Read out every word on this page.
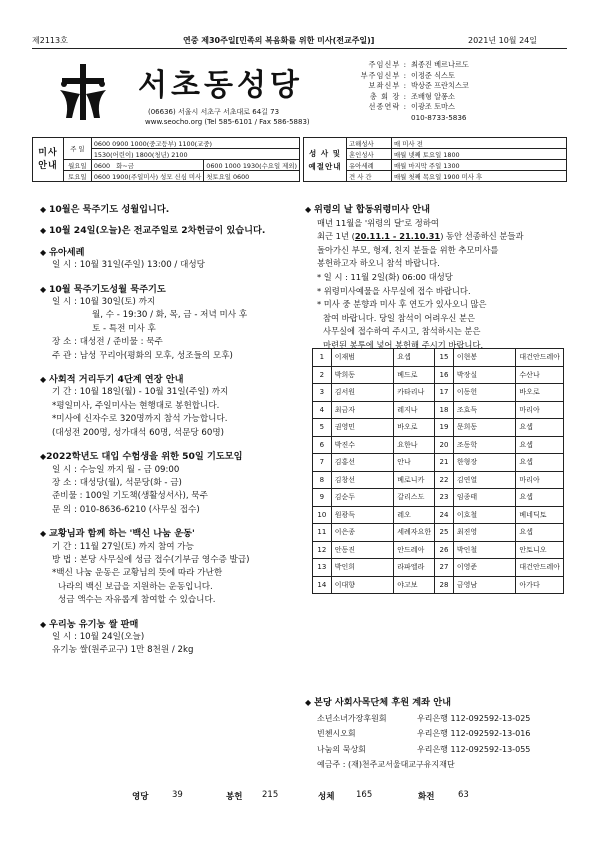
제2113호	연중 제30주일[민족의 복음화를 위한 미사(전교주일)]	2021년 10월 24일
서초동성당
(06636) 서울시 서초구 서초대로 64길 73
www.seocho.org (Tel 585-6101 / Fax 586-5883)
주임신부 : 최종진 베르나르도
부주임신부 : 이정준 식스토
보좌신부 : 박상준 프란치스코
총 회 장 : 조배형 알퐁소
선종연락 : 이광조 토마스
010-8733-5836
미사 안내	주 일	0600 0900 1000(중고등부) 1100(교중)	
		1530(어린이) 1800(청년) 2100	
	월요일	0600 화~금	0600 1000 1930(수요일 제외)
	토요일	0600 1900(주일미사) 성모 신심 미사	첫토요일 0600
성 사 및 예절안내	고해성사	매 미사 전
	혼인성사	매월 넷째 토요일 1800
	유아세례	매월 마지막 주일 1300
	견 사 간	매월 첫째 목요일 1900 미사 후
◆ 10월은 묵주기도 성월입니다.
◆ 10월 24일(오늘)은 전교주일로 2차헌금이 있습니다.
◆ 유아세례
일 시 : 10월 31일(주일) 13:00 / 대성당
◆ 10월 묵주기도성월 묵주기도
일 시 : 10월 30일(토) 까지
월, 수 - 19:30 / 화, 목, 금 - 저녁 미사 후
토 - 특전 미사 후
장 소 : 대성전 / 준비물 : 묵주
주 관 : 남성 꾸리아(평화의 모후, 성조들의 모후)
◆ 사회적 거리두기 4단계 연장 안내
기 간 : 10월 18일(월) - 10월 31일(주일) 까지
*평일미사, 주일미사는 현행대로 봉헌합니다.
*미사에 신자수로 320명까지 참석 가능합니다.
(대성전 200명, 성가대석 60명, 석문당 60명)
◆2022학년도 대입 수험생을 위한 50일 기도모임
일 시 : 수능일 까지 월 - 금 09:00
장 소 : 대성당(월), 석문당(화 - 금)
준비물 : 100일 기도책(생활성서사), 묵주
문 의 : 010-8636-6210 (사무실 접수)
◆ 교황님과 함께 하는 '백신 나눔 운동'
기 간 : 11월 27일(토) 까지 참여 가능
방 법 : 본당 사무실에 성금 접수(기부금 영수증 발급)
*백신 나눔 운동은 교황님의 뜻에 따라 가난한
나라의 백신 보급을 지원하는 운동입니다.
성금 액수는 자유롭게 참여할 수 있습니다.
◆ 우리농 유기농 쌀 판매
일 시 : 10월 24일(오늘)
유기농 쌀(원주교구) 1만 8천원 / 2kg
◆ 위령의 날 합동위령미사 안내
매년 11월을 '위령의 달'로 정하여
최근 1년 (20.11.1 - 21.10.31) 동안 선종하신 분들과
돌아가신 부모, 형제, 친지 분들을 위한 추모미사를
봉헌하고자 하오니 참석 바랍니다.
* 일 시 : 11월 2일(화) 06:00 대성당
* 위령미사예물을 사무실에 접수 바랍니다.
* 미사 중 분향과 미사 후 연도가 있사오니 많은
참여 바랍니다. 당일 참석이 어려우신 분은
사무실에 접수하여 주시고, 참석하시는 분은
마련된 봉투에 넣어 봉헌해 주시기 바랍니다.
1	이재범	요셉	15	이현봉	대건안드레아
2	박희동	베드로	16	박장실	수산나
3	김서원	카타리나	17	이동헌	바오로
4	최금자	레지나	18	조효득	마리아
5	권영민	바오로	19	문희동	요셉
6	박진수	요한나	20	조동학	요셉
7	김홍선	안나	21	한형장	요셉
8	김창선	베로니카	22	김연열	마리아
9	김순두	갈리스도	23	임종태	요셉
10	원광득	레오	24	이호철	베네딕토
11	이은종	세례자요한	25	최진영	요셉
12	안동진	안드레아	26	박인철	안토니오
13	박인희	라파엘라	27	이영준	대건안드레아
14	이대향	야고보	28	금영남	아가다
◆ 본당 사회사목단체 후원 계좌 안내
소년소녀가장후원회	우리은행 112-092592-13-025
빈첸시오회	우리은행 112-092592-13-016
나눔의 묵상회	우리은행 112-092592-13-055
예금주 : (재)천주교서울대교구유지재단
영당	39	봉헌 215	성체	165	화전	63
